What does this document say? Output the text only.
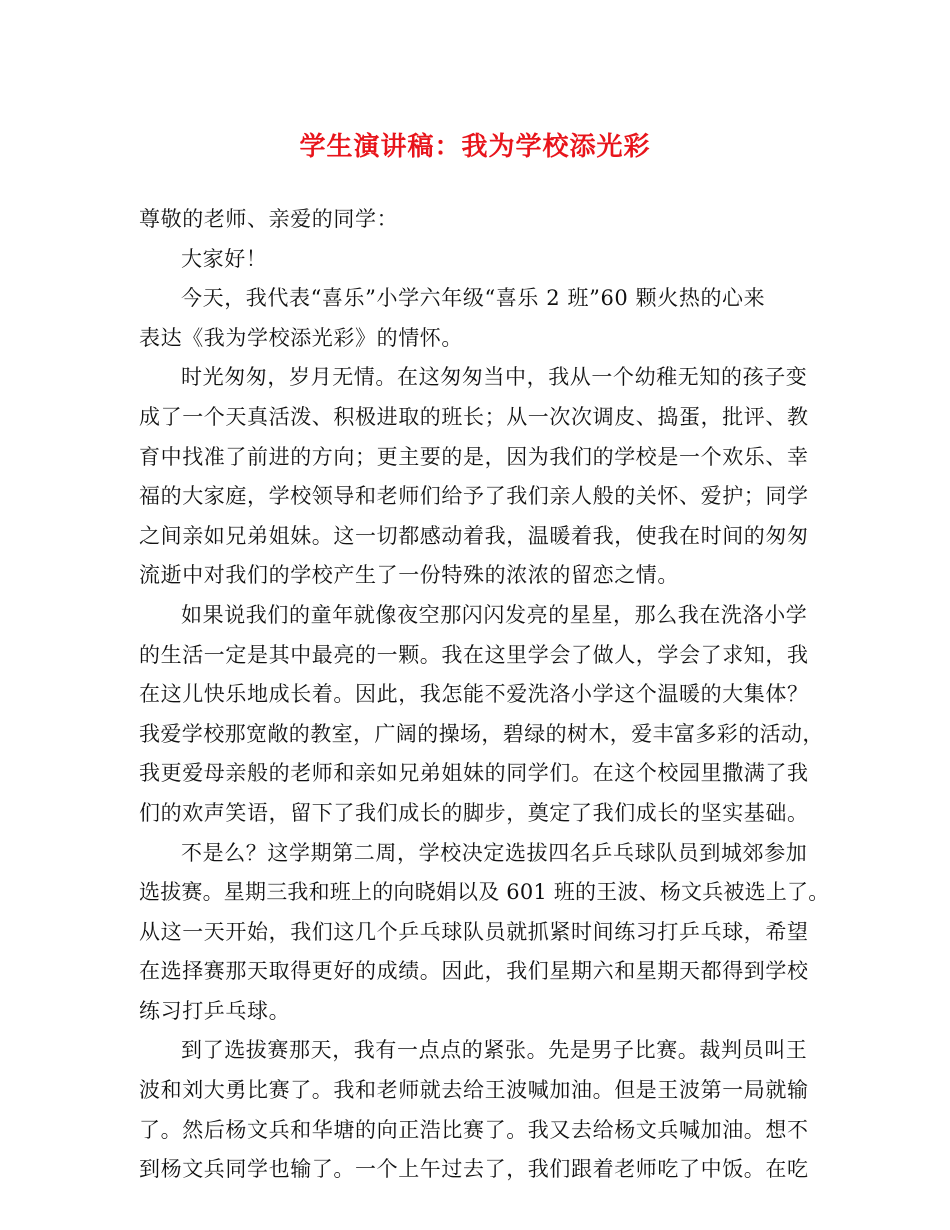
学生演讲稿：我为学校添光彩
尊敬的老师、亲爱的同学：
大家好！
今天，我代表“喜乐”小学六年级“喜乐 2 班”60 颗火热的心来
表达《我为学校添光彩》的情怀。
时光匆匆，岁月无情。在这匆匆当中，我从一个幼稚无知的孩子变
成了一个天真活泼、积极进取的班长；从一次次调皮、捣蛋，批评、教
育中找准了前进的方向；更主要的是，因为我们的学校是一个欢乐、幸
福的大家庭，学校领导和老师们给予了我们亲人般的关怀、爱护；同学
之间亲如兄弟姐妹。这一切都感动着我，温暖着我，使我在时间的匆匆
流逝中对我们的学校产生了一份特殊的浓浓的留恋之情。
如果说我们的童年就像夜空那闪闪发亮的星星，那么我在洗洛小学
的生活一定是其中最亮的一颗。我在这里学会了做人，学会了求知，我
在这儿快乐地成长着。因此，我怎能不爱洗洛小学这个温暖的大集体？
我爱学校那宽敞的教室，广阔的操场，碧绿的树木，爱丰富多彩的活动，
我更爱母亲般的老师和亲如兄弟姐妹的同学们。在这个校园里撒满了我
们的欢声笑语，留下了我们成长的脚步，奠定了我们成长的坚实基础。
不是么？这学期第二周，学校决定选拔四名乒乓球队员到城郊参加
选拔赛。星期三我和班上的向晓娟以及 601 班的王波、杨文兵被选上了。
从这一天开始，我们这几个乒乓球队员就抓紧时间练习打乒乓球，希望
在选择赛那天取得更好的成绩。因此，我们星期六和星期天都得到学校
练习打乒乓球。
到了选拔赛那天，我有一点点的紧张。先是男子比赛。裁判员叫王
波和刘大勇比赛了。我和老师就去给王波喊加油。但是王波第一局就输
了。然后杨文兵和华塘的向正浩比赛了。我又去给杨文兵喊加油。想不
到杨文兵同学也输了。一个上午过去了，我们跟着老师吃了中饭。在吃
